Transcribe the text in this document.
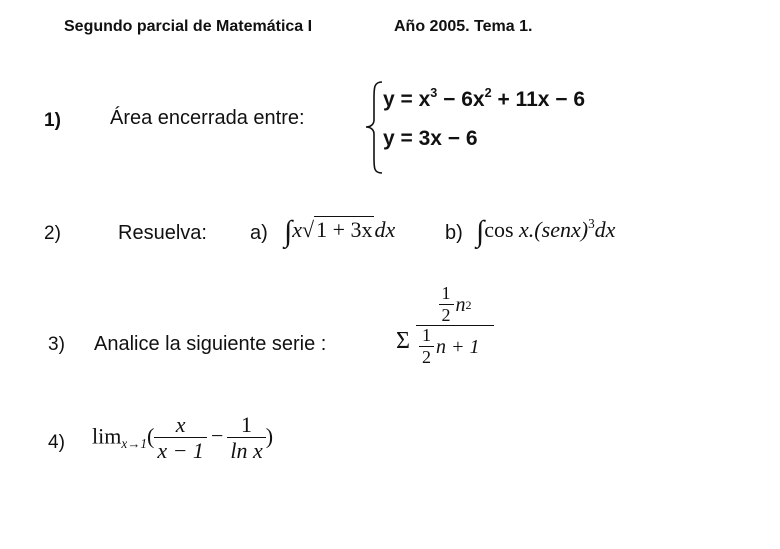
Segundo parcial de Matemática I	Año 2005. Tema 1.
1) Área encerrada entre:
$y = x^3 - 6x^2 + 11x - 6$
y = 3x − 6
2)	Resuelva: a) ∫x√1 + 3xdx b) ∫cos x.(senx)$^3$dx
3) Analice la siguiente serie :	Σ $\frac{\frac{1}{2} n 2}{\frac{1}{2} n + 1}$
4) $\lim_{x\to 1}( \frac{x}{x - 1} - \frac{1}{\text{ln x}}$ )
